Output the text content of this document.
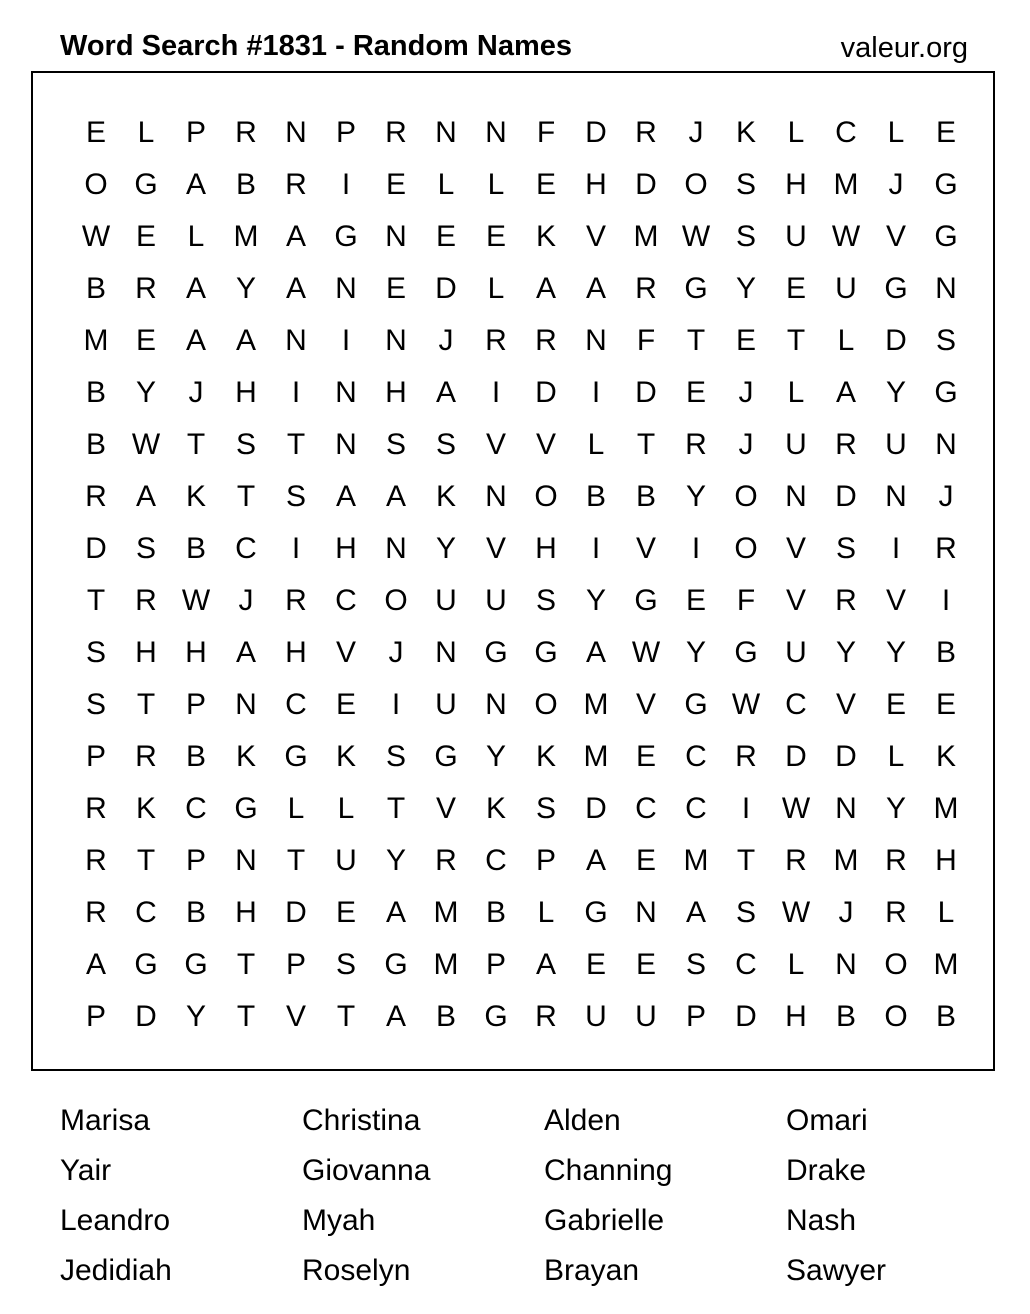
Word Search #1831 - Random Names	valeur.org
E	L	P R N P R N N	F	D R	J	K	L	C	L	E
O G A B R	I	E	L	L	E H D O S H M	J	G
W E	L M A G N E E K V M W S U W V G
B R A Y A N E D	L	A A R G Y E U G N
M E A A N	I	N	J	R R N	F	T	E	T	L	D S
B Y	J	H	I	N H A	I	D	I	D E	J	L	A Y G
B W T	S	T	N S S V V	L	T	R	J	U R U N
R A K	T	S A A K N O B B Y O N D N	J
D S B C	I	H N Y V H	I	V	I	O V S	I	R
T	R W J	R C O U U S Y G E	F	V R V	I
S H H A H V	J	N G G A W Y G U Y Y B
S	T	P N C E	I	U N O M V G W C V E E
P R B K G K S G Y K M E C R D D	L	K
R K C G L	L	T	V K S D C C	I	W N Y M
R	T	P N	T	U Y R C P A E M T	R M R H
R C B H D E A M B	L G N A S W J	R	L
A G G T	P S G M P A E E S C	L	N O M
P D Y	T	V	T	A B G R U U P D H B O B
Marisa	Christina	Alden	Omari
Yair	Giovanna	Channing	Drake
Leandro	Myah	Gabrielle	Nash
Jedidiah	Roselyn	Brayan	Sawyer
